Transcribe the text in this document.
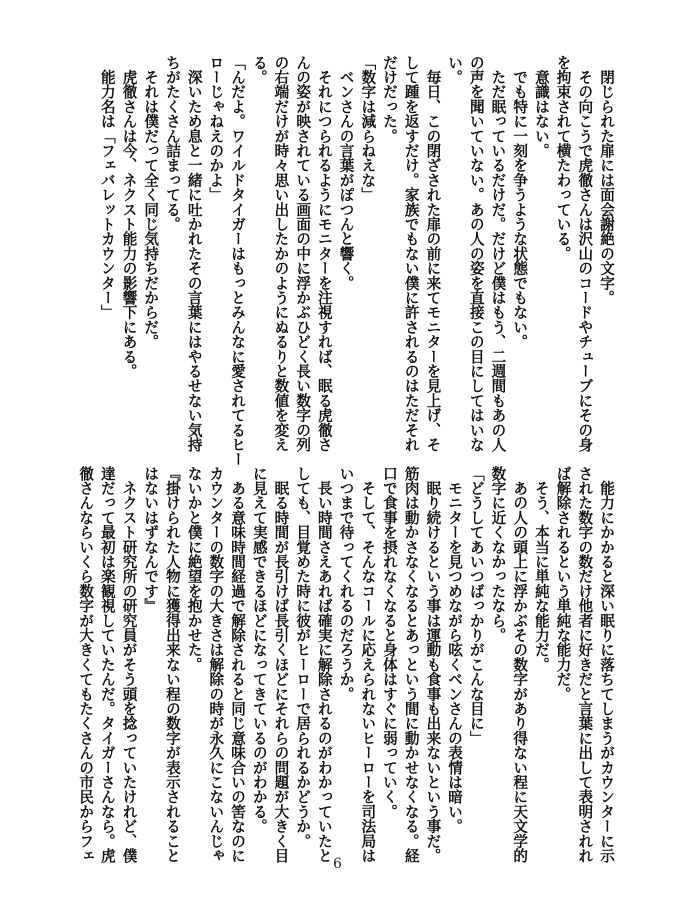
　閉じられた扉には面会謝絶の文字。
　その向こうで虎徹さんは沢山のコードやチューブにその身
を拘束されて横たわっている。
　意識はない。
　でも特に一刻を争うような状態でもない。
　ただ眠っているだけだ。だけど僕はもう、二週間もあの人
の声を聞いていない。あの人の姿を直接この目にしてはいな
い。
　毎日、この閉ざされた扉の前に来てモニターを見上げ、そ
して踵を返すだけ。家族でもない僕に許されるのはただそれ
だけだった。
「数字は減らねえな」
　ベンさんの言葉がぽつんと響く。
　それにつられるようにモニターを注視すれば、眠る虎徹さ
んの姿が映されている画面の中に浮かぶひどく長い数字の列
の右端だけが時々思い出したかのようにぬるりと数値を変え
る。
「んだよ。ワイルドタイガーはもっとみんなに愛されてるヒー
ローじゃねえのかよ」
　深いため息と一緒に吐かれたその言葉にはやるせない気持
ちがたくさん詰まってる。
　それは僕だって全く同じ気持ちだからだ。
　虎徹さんは今、ネクスト能力の影響下にある。
　能力名は「フェバレットカウンター」
　能力にかかると深い眠りに落ちてしまうがカウンターに示
された数字の数だけ他者に好きだと言葉に出して表明されれ
ば解除されるという単純な能力だ。
　そう、本当に単純な能力だ。
　あの人の頭上に浮かぶその数字があり得ない程に天文学的
数字に近くなかったなら。
「どうしてあいつばっかりがこんな目に」
　モニターを見つめながら呟くベンさんの表情は暗い。
　眠り続けるという事は運動も食事も出来ないという事だ。
筋肉は動かさなくなるとあっという間に動かせなくなる。経
口で食事を摂れなくなると身体はすぐに弱っていく。
　そして、そんなコールに応えられないヒーローを司法局は
いつまで待ってくれるのだろうか。
　長い時間さえあれば確実に解除されるのがわかっていたと
しても、目覚めた時に彼がヒーローで居られるかどうか。
　眠る時間が長引けば長引くほどにそれらの問題が大きく目
に見えて実感できるほどになってきているのがわかる。
　ある意味時間経過で解除されると同じ意味合いの筈なのに
カウンターの数字の大きさは解除の時が永久にこないんじゃ
ないかと僕に絶望を抱かせた。
『掛けられた人物に獲得出来ない程の数字が表示されること
はないはずなんです』
　ネクスト研究所の研究員がそう頭を捻っていたけれど、僕
達だって最初は楽観視していたんだ。タイガーさんなら。虎
徹さんならいくら数字が大きくてもたくさんの市民からフェ
6
